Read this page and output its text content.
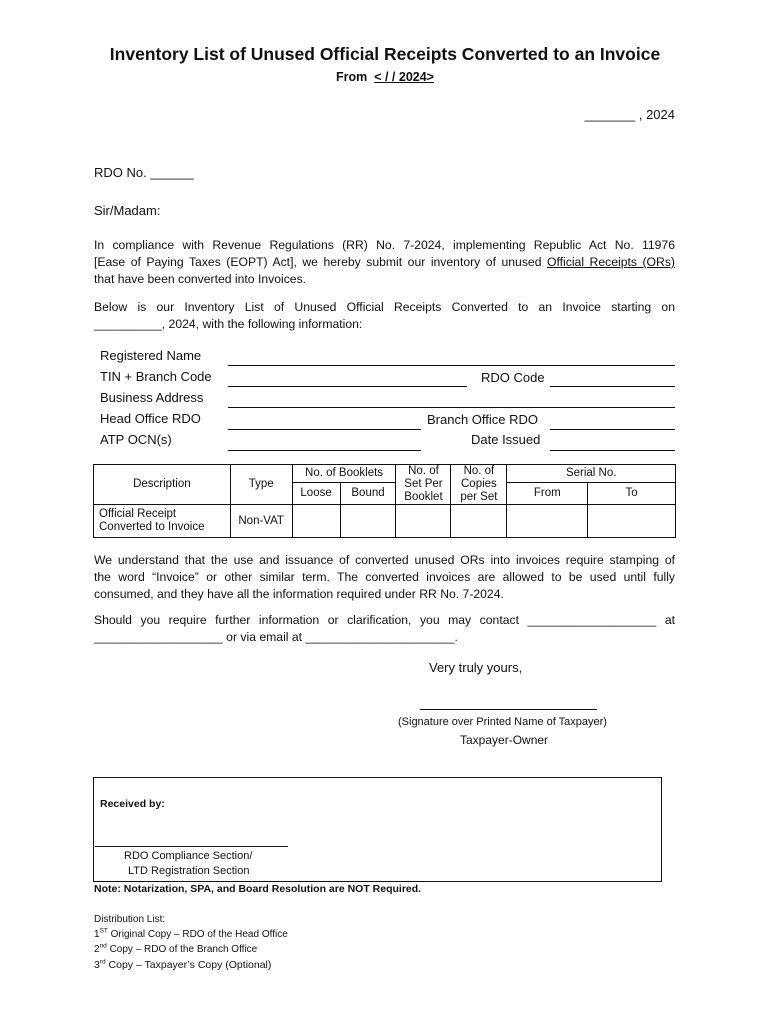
Inventory List of Unused Official Receipts Converted to an Invoice
From < / / 2024>
_______ , 2024
RDO No. ______
Sir/Madam:
In compliance with Revenue Regulations (RR) No. 7-2024, implementing Republic Act No. 11976
[Ease of Paying Taxes (EOPT) Act], we hereby submit our inventory of unused Official Receipts (ORs)
that have been converted into Invoices.
Below is our Inventory List of Unused Official Receipts Converted to an Invoice starting on
__________, 2024, with the following information:
Registered Name
TIN + Branch Code	RDO Code
Business Address
Head Office RDO	Branch Office RDO
ATP OCN(s)	Date Issued
Description	Type	No. of Booklets		No. of Set Per Booklet	No. of Copies per Set	Serial No.	
		Loose	Bound			From	To
Official Receipt Converted to Invoice	Non-VAT						
We understand that the use and issuance of converted unused ORs into invoices require stamping of
the word “Invoice” or other similar term. The converted invoices are allowed to be used until fully
consumed, and they have all the information required under RR No. 7-2024.
Should you require further information or clarification, you may contact ___________________ at
___________________ or via email at ______________________.
Very truly yours,
(Signature over Printed Name of Taxpayer)
Taxpayer-Owner
Received by:
RDO Compliance Section/
LTD Registration Section
Note: Notarization, SPA, and Board Resolution are NOT Required.
Distribution List:
1ST Original Copy – RDO of the Head Office
2nd Copy – RDO of the Branch Office
3rd Copy – Taxpayer’s Copy (Optional)
